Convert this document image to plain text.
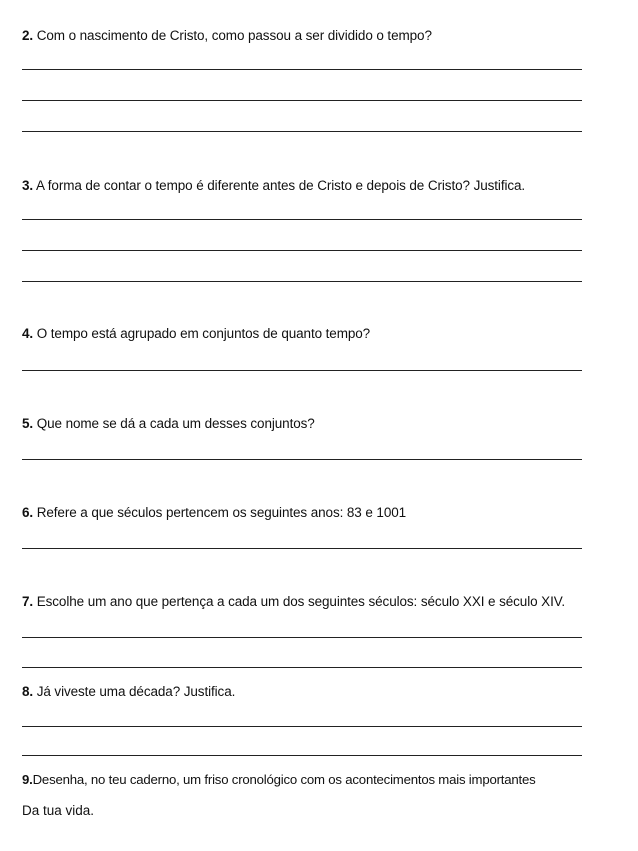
2. Com o nascimento de Cristo, como passou a ser dividido o tempo?
3. A forma de contar o tempo é diferente antes de Cristo e depois de Cristo? Justifica.
4. O tempo está agrupado em conjuntos de quanto tempo?
5. Que nome se dá a cada um desses conjuntos?
6. Refere a que séculos pertencem os seguintes anos: 83 e 1001
7. Escolhe um ano que pertença a cada um dos seguintes séculos: século XXI e século XIV.
8. Já viveste uma década? Justifica.
9.Desenha, no teu caderno, um friso cronológico com os acontecimentos mais importantes
Da tua vida.
